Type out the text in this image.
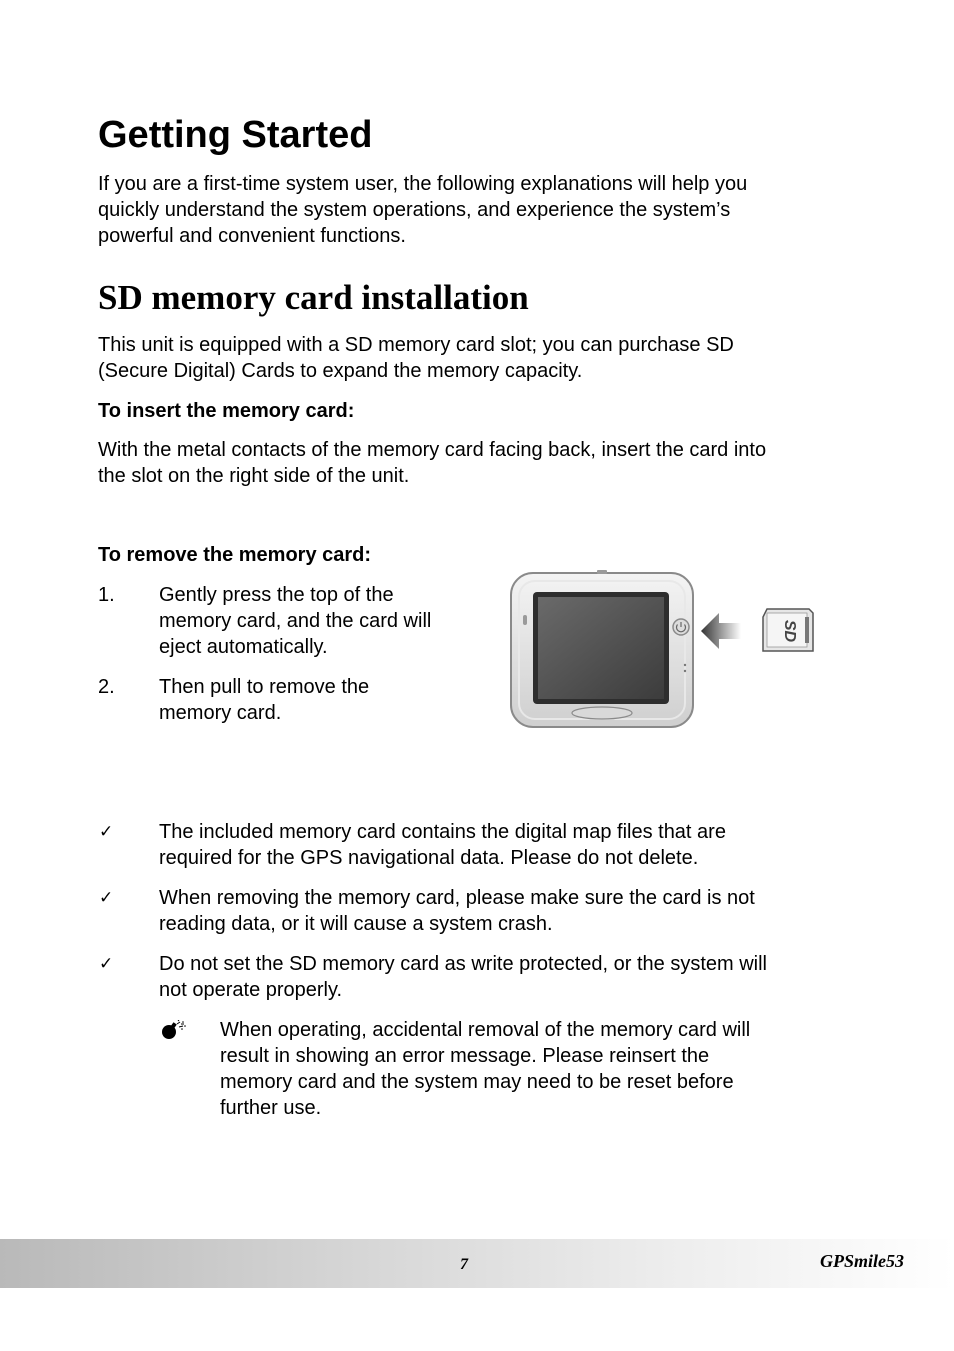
Getting Started
If you are a first-time system user, the following explanations will help you
quickly understand the system operations, and experience the system’s
powerful and convenient functions.
SD memory card installation
This unit is equipped with a SD memory card slot; you can purchase SD
(Secure Digital) Cards to expand the memory capacity.
To insert the memory card:
With the metal contacts of the memory card facing back, insert the card into
the slot on the right side of the unit.
To remove the memory card:
1. Gently press the top of the
memory card, and the card will
eject automatically.
2. Then pull to remove the
memory card.
SD
✓ The included memory card contains the digital map files that are
required for the GPS navigational data. Please do not delete.
✓ When removing the memory card, please make sure the card is not
reading data, or it will cause a system crash.
✓ Do not set the SD memory card as write protected, or the system will
not operate properly.
When operating, accidental removal of the memory card will
result in showing an error message. Please reinsert the
memory card and the system may need to be reset before
further use.
7	GPSmile53
